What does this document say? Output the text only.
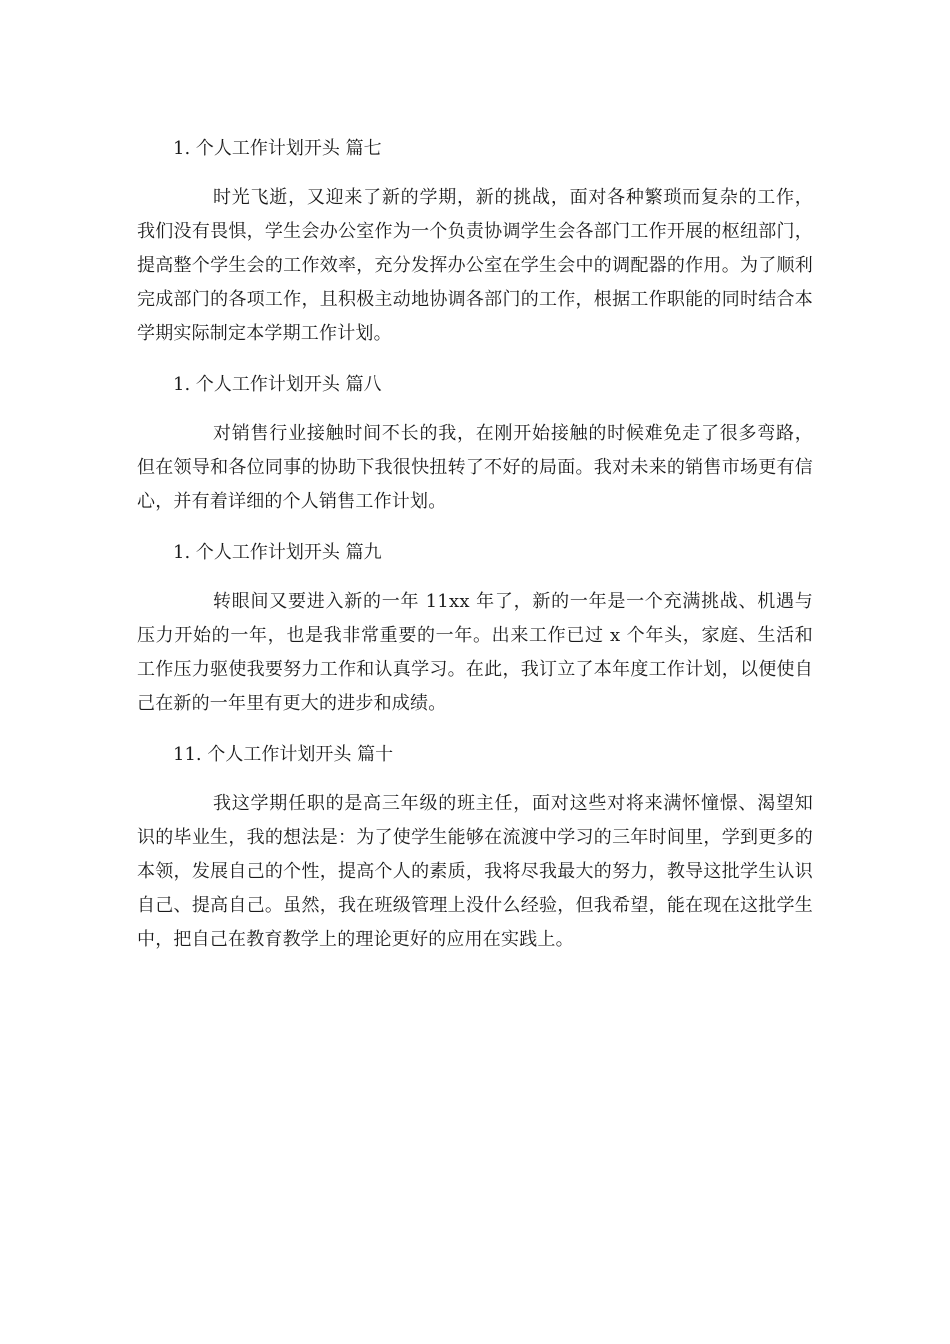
1. 个人工作计划开头 篇七

时光飞逝，又迎来了新的学期，新的挑战，面对各种繁琐而复杂的工作，我们没有畏惧，学生会办公室作为一个负责协调学生会各部门工作开展的枢纽部门，提高整个学生会的工作效率，充分发挥办公室在学生会中的调配器的作用。为了顺利完成部门的各项工作，且积极主动地协调各部门的工作，根据工作职能的同时结合本学期实际制定本学期工作计划。

1. 个人工作计划开头 篇八

对销售行业接触时间不长的我，在刚开始接触的时候难免走了很多弯路，但在领导和各位同事的协助下我很快扭转了不好的局面。我对未来的销售市场更有信心，并有着详细的个人销售工作计划。

1. 个人工作计划开头 篇九

转眼间又要进入新的一年 11xx 年了，新的一年是一个充满挑战、机遇与压力开始的一年，也是我非常重要的一年。出来工作已过 x 个年头，家庭、生活和工作压力驱使我要努力工作和认真学习。在此，我订立了本年度工作计划，以便使自己在新的一年里有更大的进步和成绩。

11. 个人工作计划开头 篇十

我这学期任职的是高三年级的班主任，面对这些对将来满怀憧憬、渴望知识的毕业生，我的想法是：为了使学生能够在流渡中学习的三年时间里，学到更多的本领，发展自己的个性，提高个人的素质，我将尽我最大的努力，教导这批学生认识自己、提高自己。虽然，我在班级管理上没什么经验，但我希望，能在现在这批学生中，把自己在教育教学上的理论更好的应用在实践上。
